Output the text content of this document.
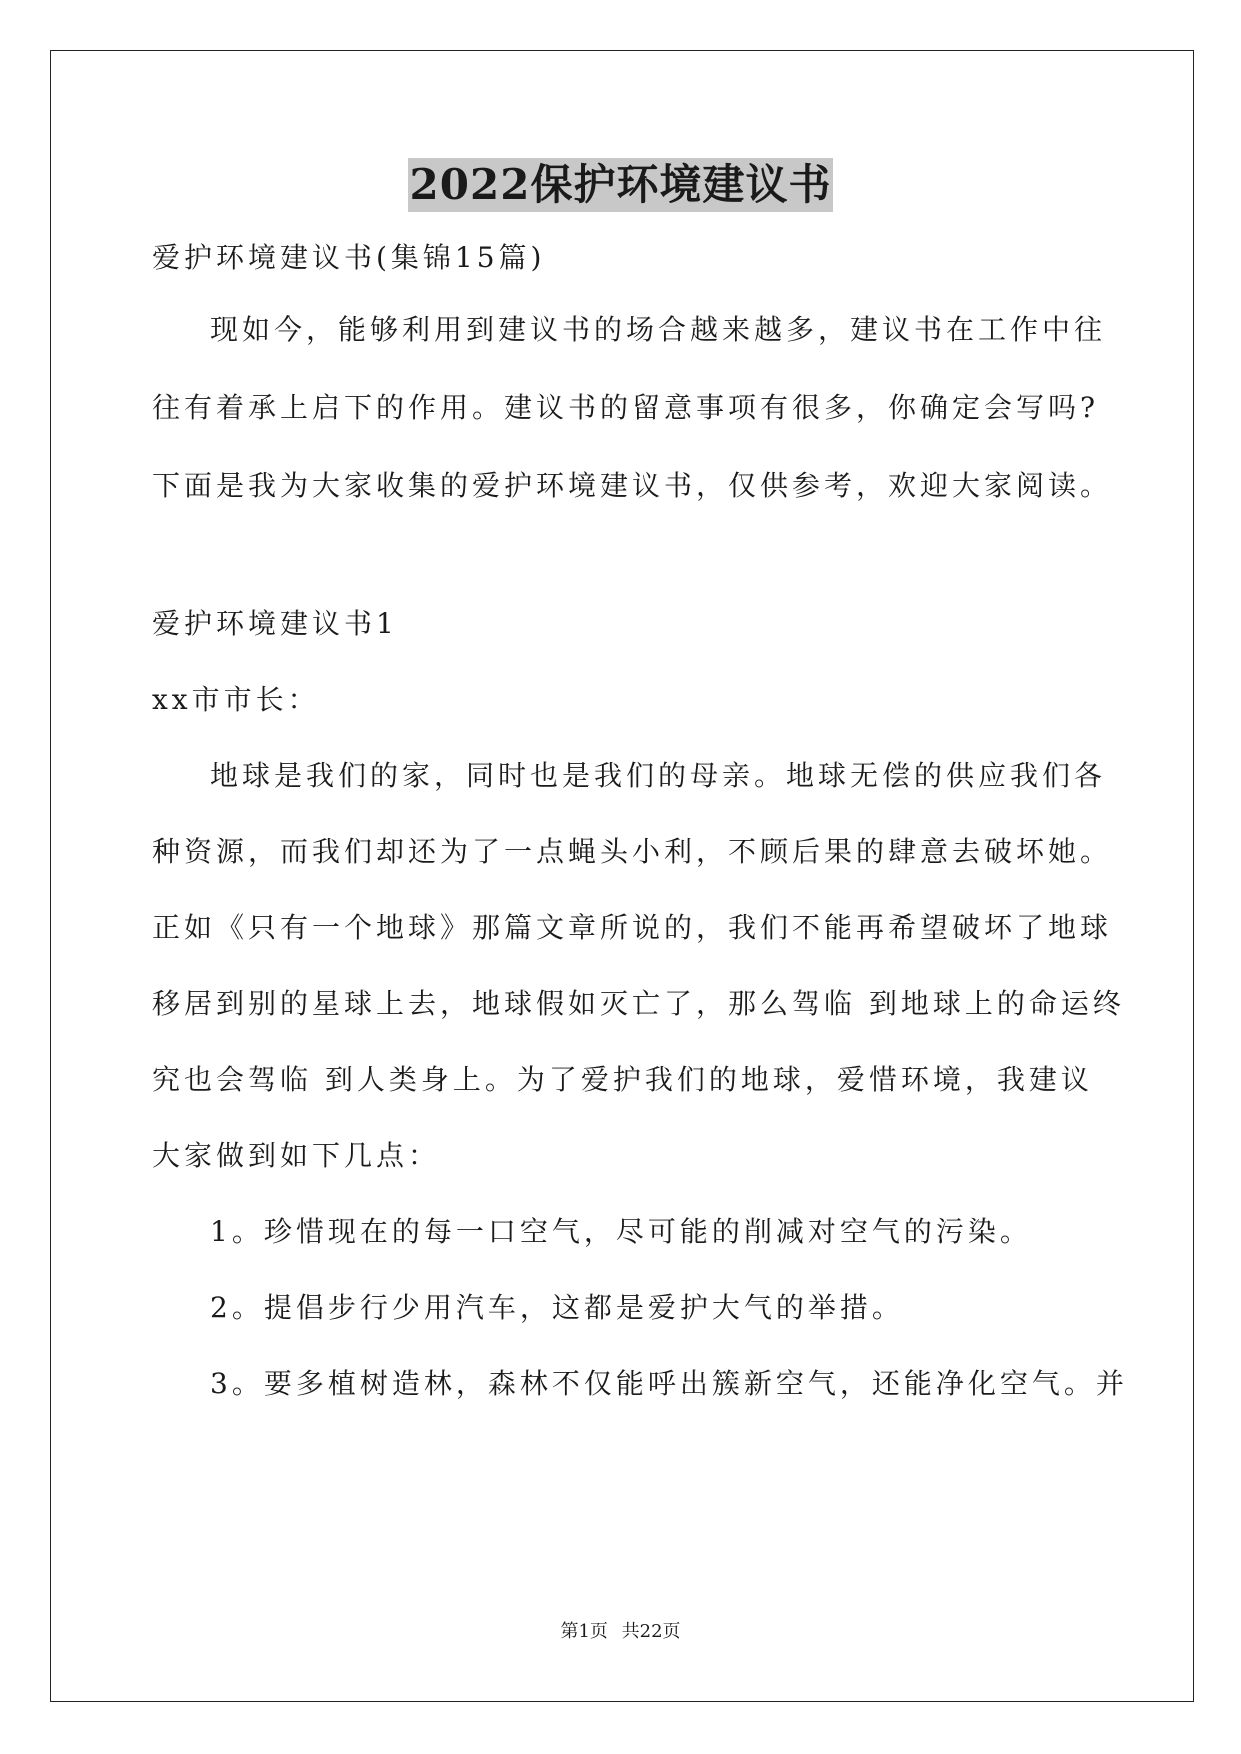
2022保护环境建议书
爱护环境建议书(集锦15篇)
现如今，能够利用到建议书的场合越来越多，建议书在工作中往
往有着承上启下的作用。建议书的留意事项有很多，你确定会写吗?
下面是我为大家收集的爱护环境建议书，仅供参考，欢迎大家阅读。
爱护环境建议书1
xx市市长：
地球是我们的家，同时也是我们的母亲。地球无偿的供应我们各
种资源，而我们却还为了一点蝇头小利，不顾后果的肆意去破坏她。
正如《只有一个地球》那篇文章所说的，我们不能再希望破坏了地球
移居到别的星球上去，地球假如灭亡了，那么驾临 到地球上的命运终
究也会驾临 到人类身上。为了爱护我们的地球，爱惜环境，我建议
大家做到如下几点：
1。珍惜现在的每一口空气，尽可能的削减对空气的污染。
2。提倡步行少用汽车，这都是爱护大气的举措。
3。要多植树造林，森林不仅能呼出簇新空气，还能净化空气。并
第1页 共22页
